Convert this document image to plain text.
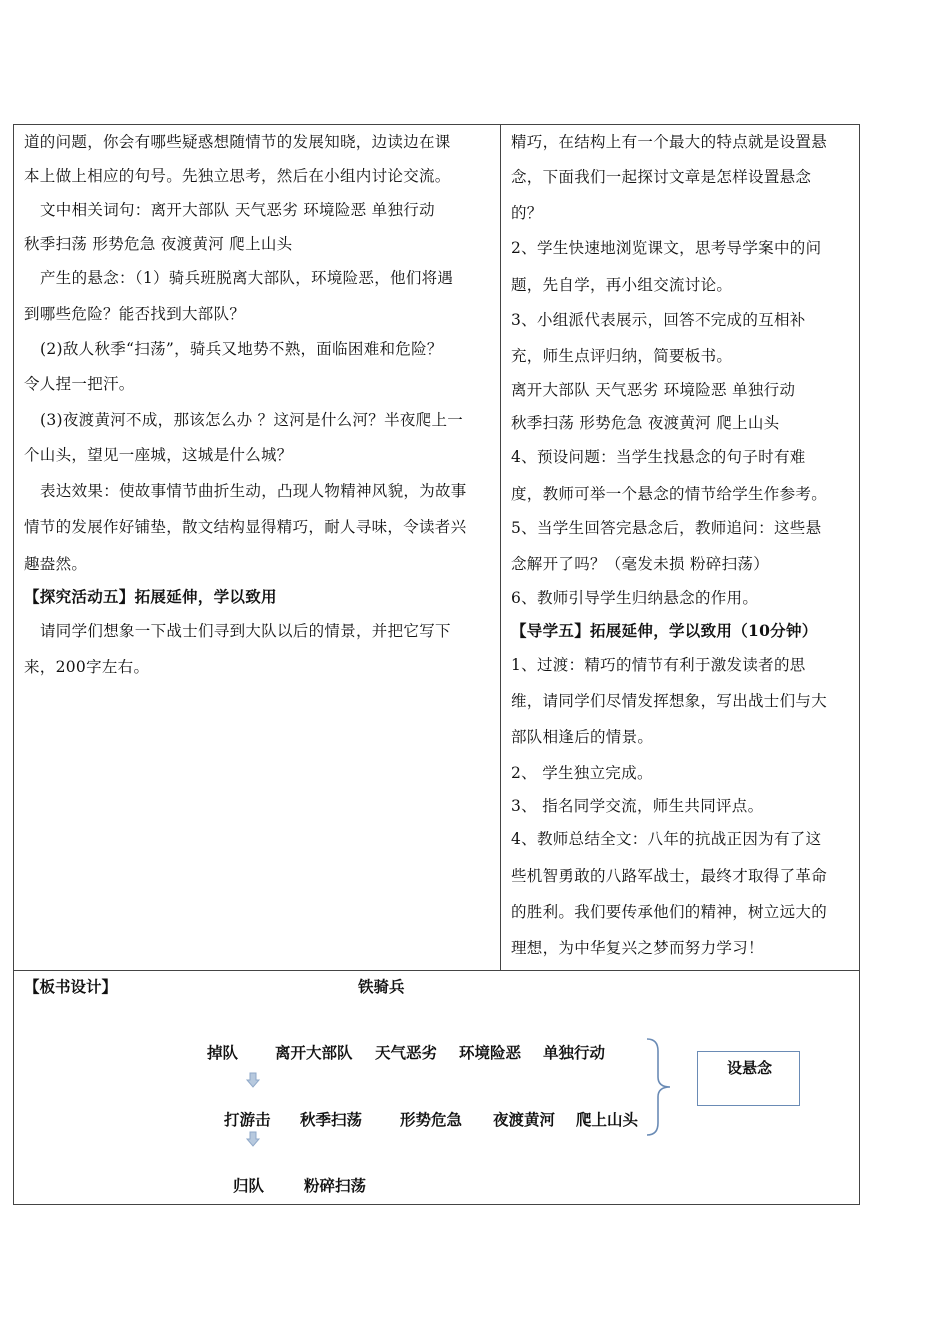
道的问题，你会有哪些疑惑想随情节的发展知晓，边读边在课
本上做上相应的句号。先独立思考，然后在小组内讨论交流。
文中相关词句：离开大部队 天气恶劣 环境险恶 单独行动
秋季扫荡 形势危急 夜渡黄河 爬上山头
产生的悬念：（1）骑兵班脱离大部队，环境险恶，他们将遇
到哪些危险？能否找到大部队？
(2)敌人秋季“扫荡”，骑兵又地势不熟，面临困难和危险？
令人捏一把汗。
(3)夜渡黄河不成，那该怎么办 ？这河是什么河？半夜爬上一
个山头，望见一座城，这城是什么城？
表达效果：使故事情节曲折生动，凸现人物精神风貌，为故事
情节的发展作好铺垫，散文结构显得精巧，耐人寻味，令读者兴
趣盎然。
【探究活动五】拓展延伸，学以致用
请同学们想象一下战士们寻到大队以后的情景，并把它写下
来，200字左右。
精巧，在结构上有一个最大的特点就是设置悬
念，下面我们一起探讨文章是怎样设置悬念
的？
2、学生快速地浏览课文，思考导学案中的问
题，先自学，再小组交流讨论。
3、小组派代表展示，回答不完成的互相补
充，师生点评归纳，简要板书。
离开大部队 天气恶劣 环境险恶 单独行动
秋季扫荡 形势危急 夜渡黄河 爬上山头
4、预设问题：当学生找悬念的句子时有难
度，教师可举一个悬念的情节给学生作参考。
5、当学生回答完悬念后，教师追问：这些悬
念解开了吗？（毫发未损 粉碎扫荡）
6、教师引导学生归纳悬念的作用。
【导学五】拓展延伸，学以致用（10分钟）
1、过渡：精巧的情节有利于激发读者的思
维，请同学们尽情发挥想象，写出战士们与大
部队相逢后的情景。
2、 学生独立完成。
3、 指名同学交流，师生共同评点。
4、教师总结全文：八年的抗战正因为有了这
些机智勇敢的八路军战士，最终才取得了革命
的胜利。我们要传承他们的精神，树立远大的
理想，为中华复兴之梦而努力学习！
【板书设计】	铁骑兵
掉队 离开大部队 天气恶劣 环境险恶 单独行动
打游击 秋季扫荡 形势危急 夜渡黄河 爬上山头
归队	粉碎扫荡
设悬念
